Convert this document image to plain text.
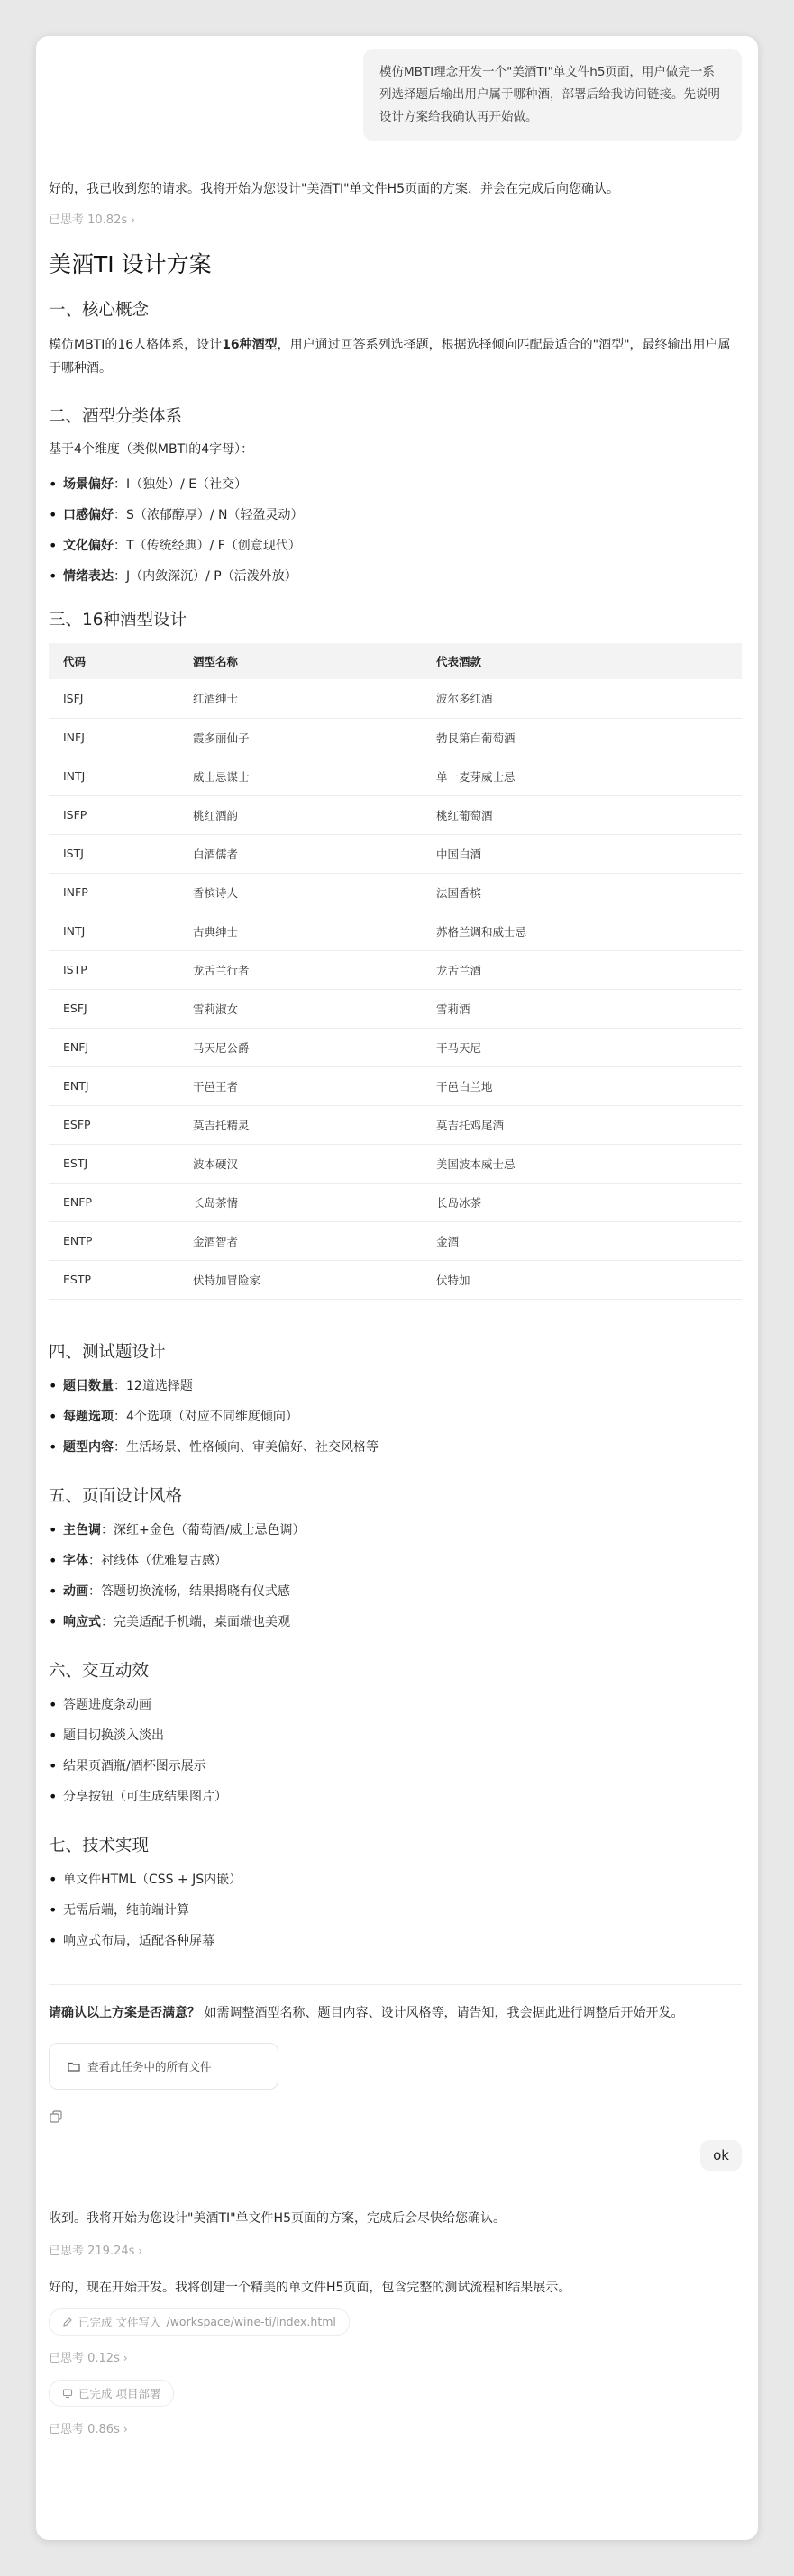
模仿MBTI理念开发一个"美酒TI"单文件h5页面，用户做完一系列选择题后输出用户属于哪种酒，部署后给我访问链接。先说明设计方案给我确认再开始做。
好的，我已收到您的请求。我将开始为您设计"美酒TI"单文件H5页面的方案，并会在完成后向您确认。
已思考 10.82s ›
美酒TI 设计方案
一、核心概念
模仿MBTI的16人格体系，设计16种酒型，用户通过回答系列选择题，根据选择倾向匹配最适合的"酒型"，最终输出用户属于哪种酒。
二、酒型分类体系
基于4个维度（类似MBTI的4字母）：
• 场景偏好：I（独处）/ E（社交）
• 口感偏好：S（浓郁醇厚）/ N（轻盈灵动）
• 文化偏好：T（传统经典）/ F（创意现代）
• 情绪表达：J（内敛深沉）/ P（活泼外放）
三、16种酒型设计
代码	酒型名称	代表酒款
ISFJ	红酒绅士	波尔多红酒
INFJ	霞多丽仙子	勃艮第白葡萄酒
INTJ	威士忌谋士	单一麦芽威士忌
ISFP	桃红酒韵	桃红葡萄酒
ISTJ	白酒儒者	中国白酒
INFP	香槟诗人	法国香槟
INTJ	古典绅士	苏格兰调和威士忌
ISTP	龙舌兰行者	龙舌兰酒
ESFJ	雪莉淑女	雪莉酒
ENFJ	马天尼公爵	干马天尼
ENTJ	干邑王者	干邑白兰地
ESFP	莫吉托精灵	莫吉托鸡尾酒
ESTJ	波本硬汉	美国波本威士忌
ENFP	长岛茶情	长岛冰茶
ENTP	金酒智者	金酒
ESTP	伏特加冒险家	伏特加
四、测试题设计
• 题目数量：12道选择题
• 每题选项：4个选项（对应不同维度倾向）
• 题型内容：生活场景、性格倾向、审美偏好、社交风格等
五、页面设计风格
• 主色调：深红+金色（葡萄酒/威士忌色调）
• 字体：衬线体（优雅复古感）
• 动画：答题切换流畅，结果揭晓有仪式感
• 响应式：完美适配手机端，桌面端也美观
六、交互动效
• 答题进度条动画
• 题目切换淡入淡出
• 结果页酒瓶/酒杯图示展示
• 分享按钮（可生成结果图片）
七、技术实现
• 单文件HTML（CSS + JS内嵌）
• 无需后端，纯前端计算
• 响应式布局，适配各种屏幕
请确认以上方案是否满意？ 如需调整酒型名称、题目内容、设计风格等，请告知，我会据此进行调整后开始开发。
查看此任务中的所有文件
ok
收到。我将开始为您设计"美酒TI"单文件H5页面的方案，完成后会尽快给您确认。
已思考 219.24s ›
好的，现在开始开发。我将创建一个精美的单文件H5页面，包含完整的测试流程和结果展示。
已完成 文件写入 /workspace/wine-ti/index.html
已思考 0.12s ›
已完成 项目部署
已思考 0.86s ›
